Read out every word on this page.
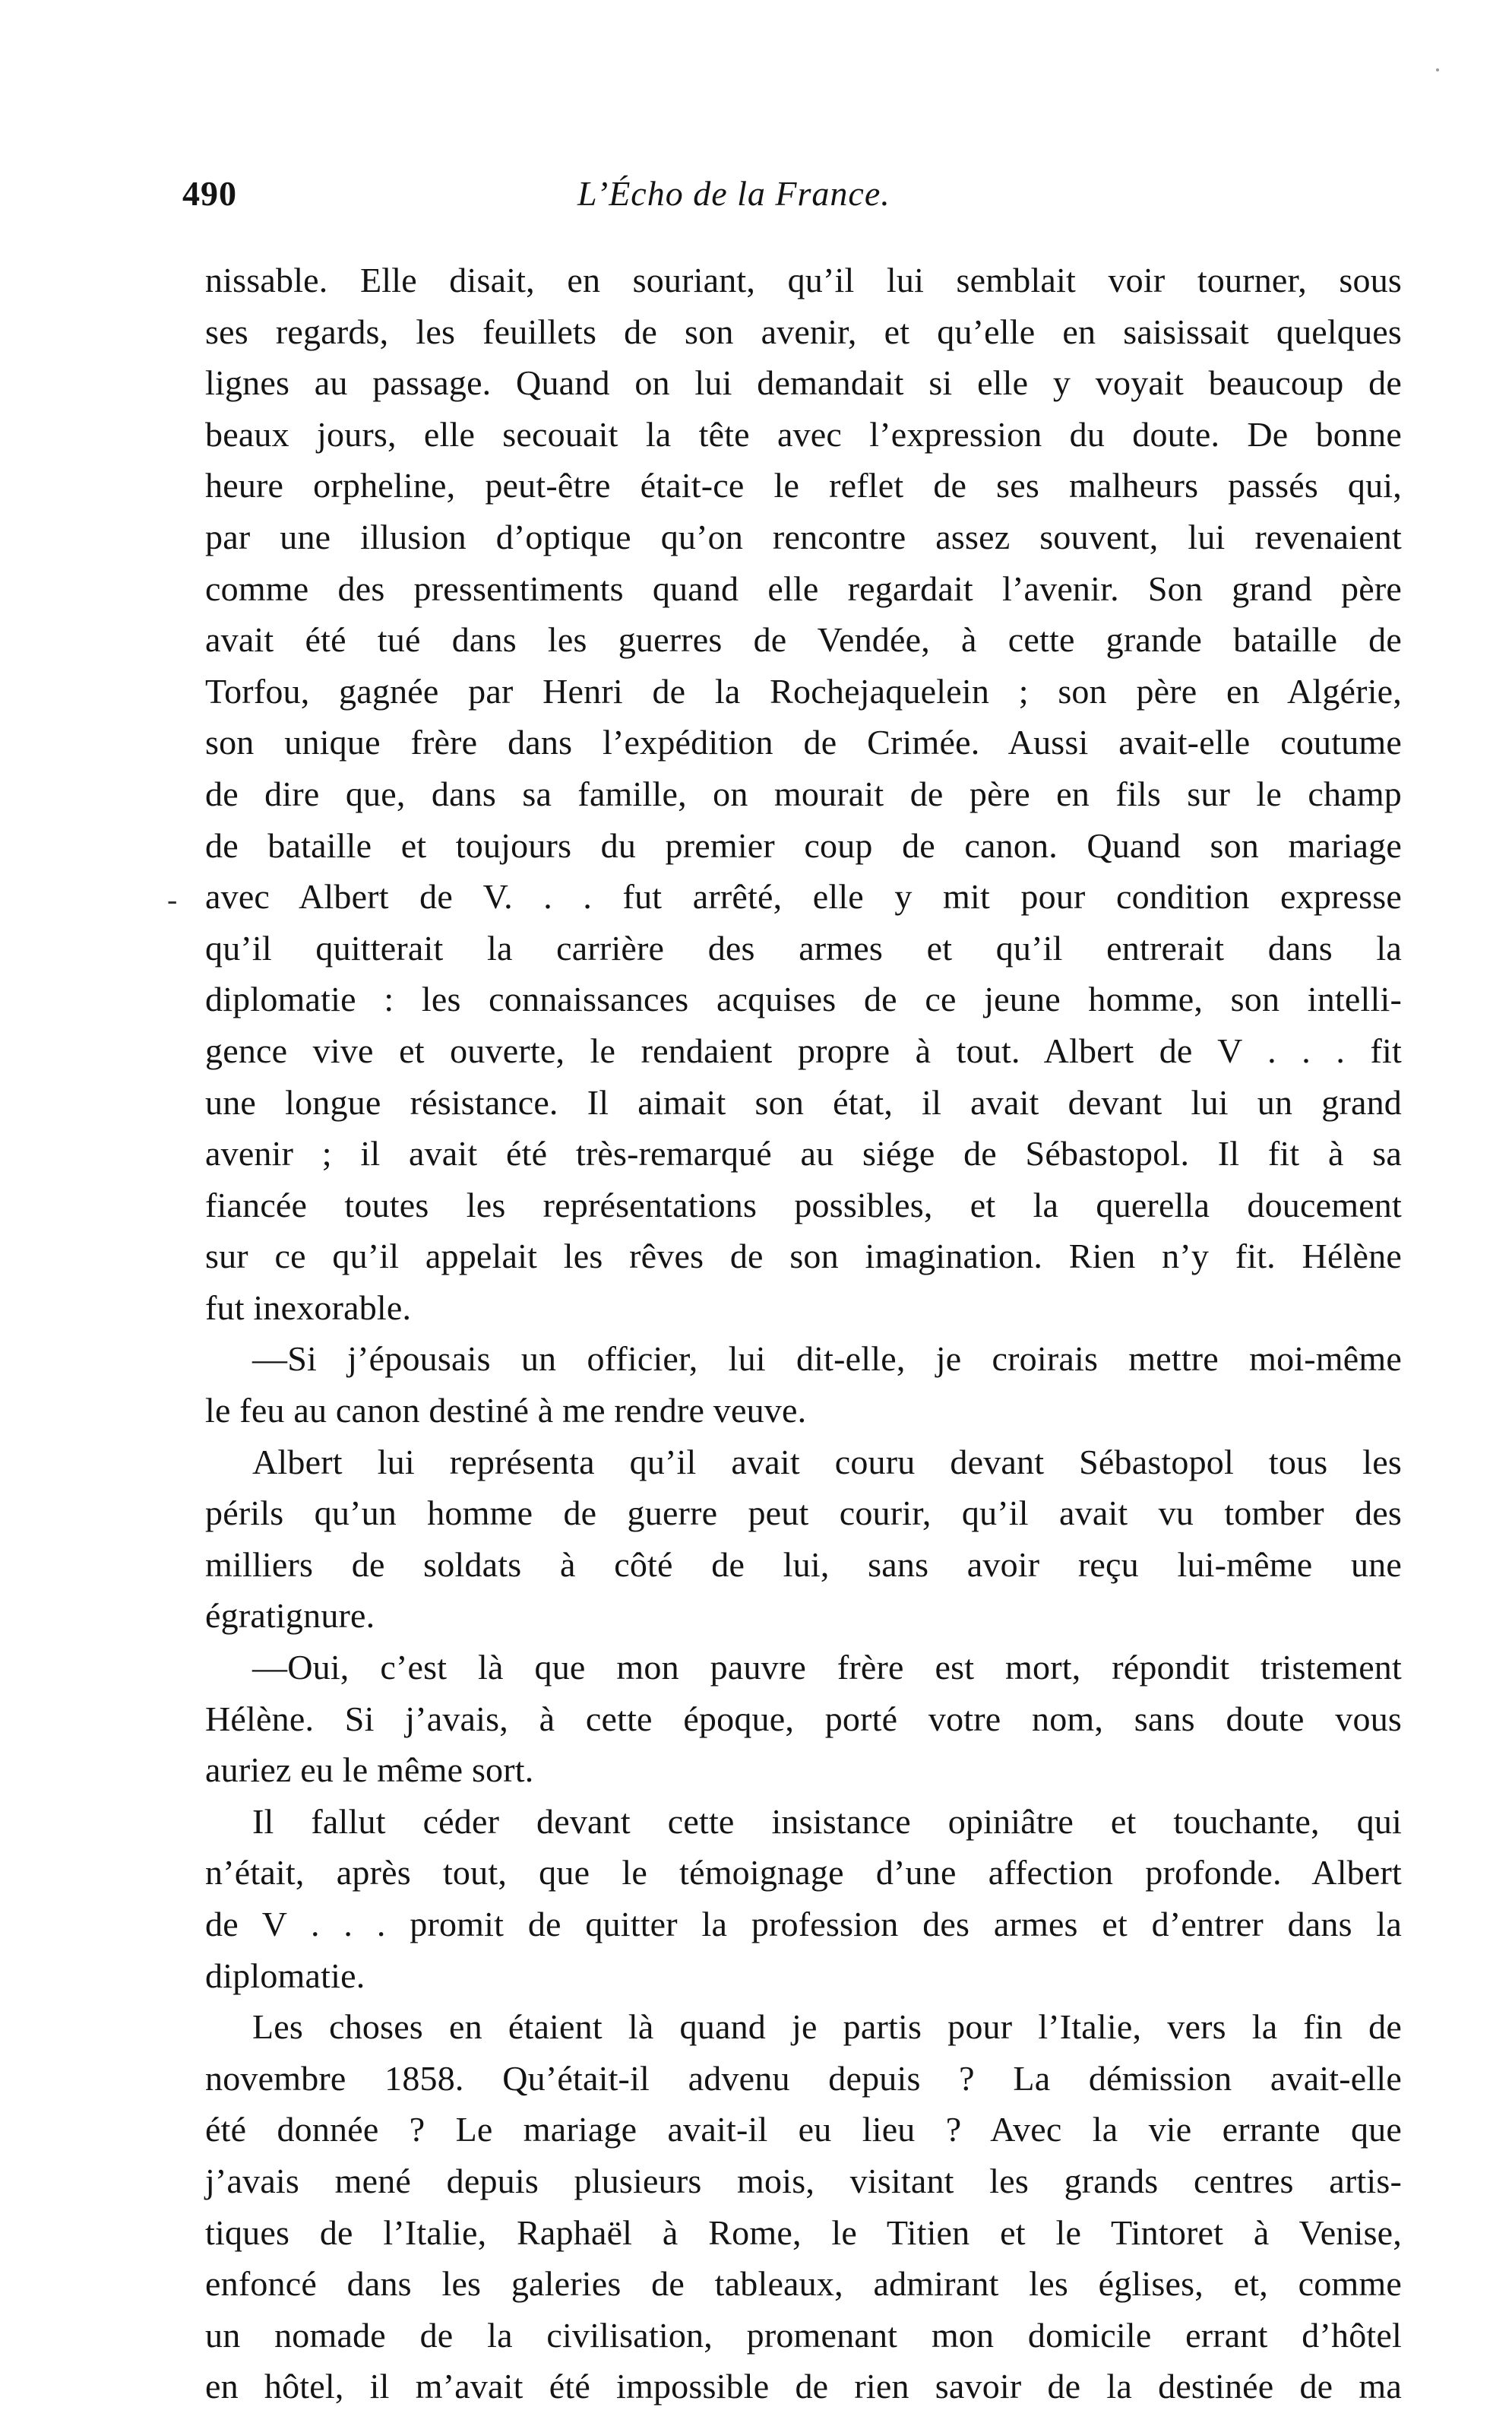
490	L’Écho de la France.
-
nissable. Elle disait, en souriant, qu’il lui semblait voir tourner, sous
ses regards, les feuillets de son avenir, et qu’elle en saisissait quelques
lignes au passage. Quand on lui demandait si elle y voyait beaucoup de
beaux jours, elle secouait la tête avec l’expression du doute. De bonne
heure orpheline, peut-être était-ce le reflet de ses malheurs passés qui,
par une illusion d’optique qu’on rencontre assez souvent, lui revenaient
comme des pressentiments quand elle regardait l’avenir. Son grand père
avait été tué dans les guerres de Vendée, à cette grande bataille de
Torfou, gagnée par Henri de la Rochejaquelein ; son père en Algérie,
son unique frère dans l’expédition de Crimée. Aussi avait-elle coutume
de dire que, dans sa famille, on mourait de père en fils sur le champ
de bataille et toujours du premier coup de canon. Quand son mariage
avec Albert de V. . . fut arrêté, elle y mit pour condition expresse
qu’il quitterait la carrière des armes et qu’il entrerait dans la
diplomatie : les connaissances acquises de ce jeune homme, son intelli-
gence vive et ouverte, le rendaient propre à tout. Albert de V . . . fit
une longue résistance. Il aimait son état, il avait devant lui un grand
avenir ; il avait été très-remarqué au siége de Sébastopol. Il fit à sa
fiancée toutes les représentations possibles, et la querella doucement
sur ce qu’il appelait les rêves de son imagination. Rien n’y fit. Hélène
fut inexorable.
—Si j’épousais un officier, lui dit-elle, je croirais mettre moi-même
le feu au canon destiné à me rendre veuve.
Albert lui représenta qu’il avait couru devant Sébastopol tous les
périls qu’un homme de guerre peut courir, qu’il avait vu tomber des
milliers de soldats à côté de lui, sans avoir reçu lui-même une
égratignure.
—Oui, c’est là que mon pauvre frère est mort, répondit tristement
Hélène. Si j’avais, à cette époque, porté votre nom, sans doute vous
auriez eu le même sort.
Il fallut céder devant cette insistance opiniâtre et touchante, qui
n’était, après tout, que le témoignage d’une affection profonde. Albert
de V . . . promit de quitter la profession des armes et d’entrer dans la
diplomatie.
Les choses en étaient là quand je partis pour l’Italie, vers la fin de
novembre 1858. Qu’était-il advenu depuis ? La démission avait-elle
été donnée ? Le mariage avait-il eu lieu ? Avec la vie errante que
j’avais mené depuis plusieurs mois, visitant les grands centres artis-
tiques de l’Italie, Raphaël à Rome, le Titien et le Tintoret à Venise,
enfoncé dans les galeries de tableaux, admirant les églises, et, comme
un nomade de la civilisation, promenant mon domicile errant d’hôtel
en hôtel, il m’avait été impossible de rien savoir de la destinée de ma
